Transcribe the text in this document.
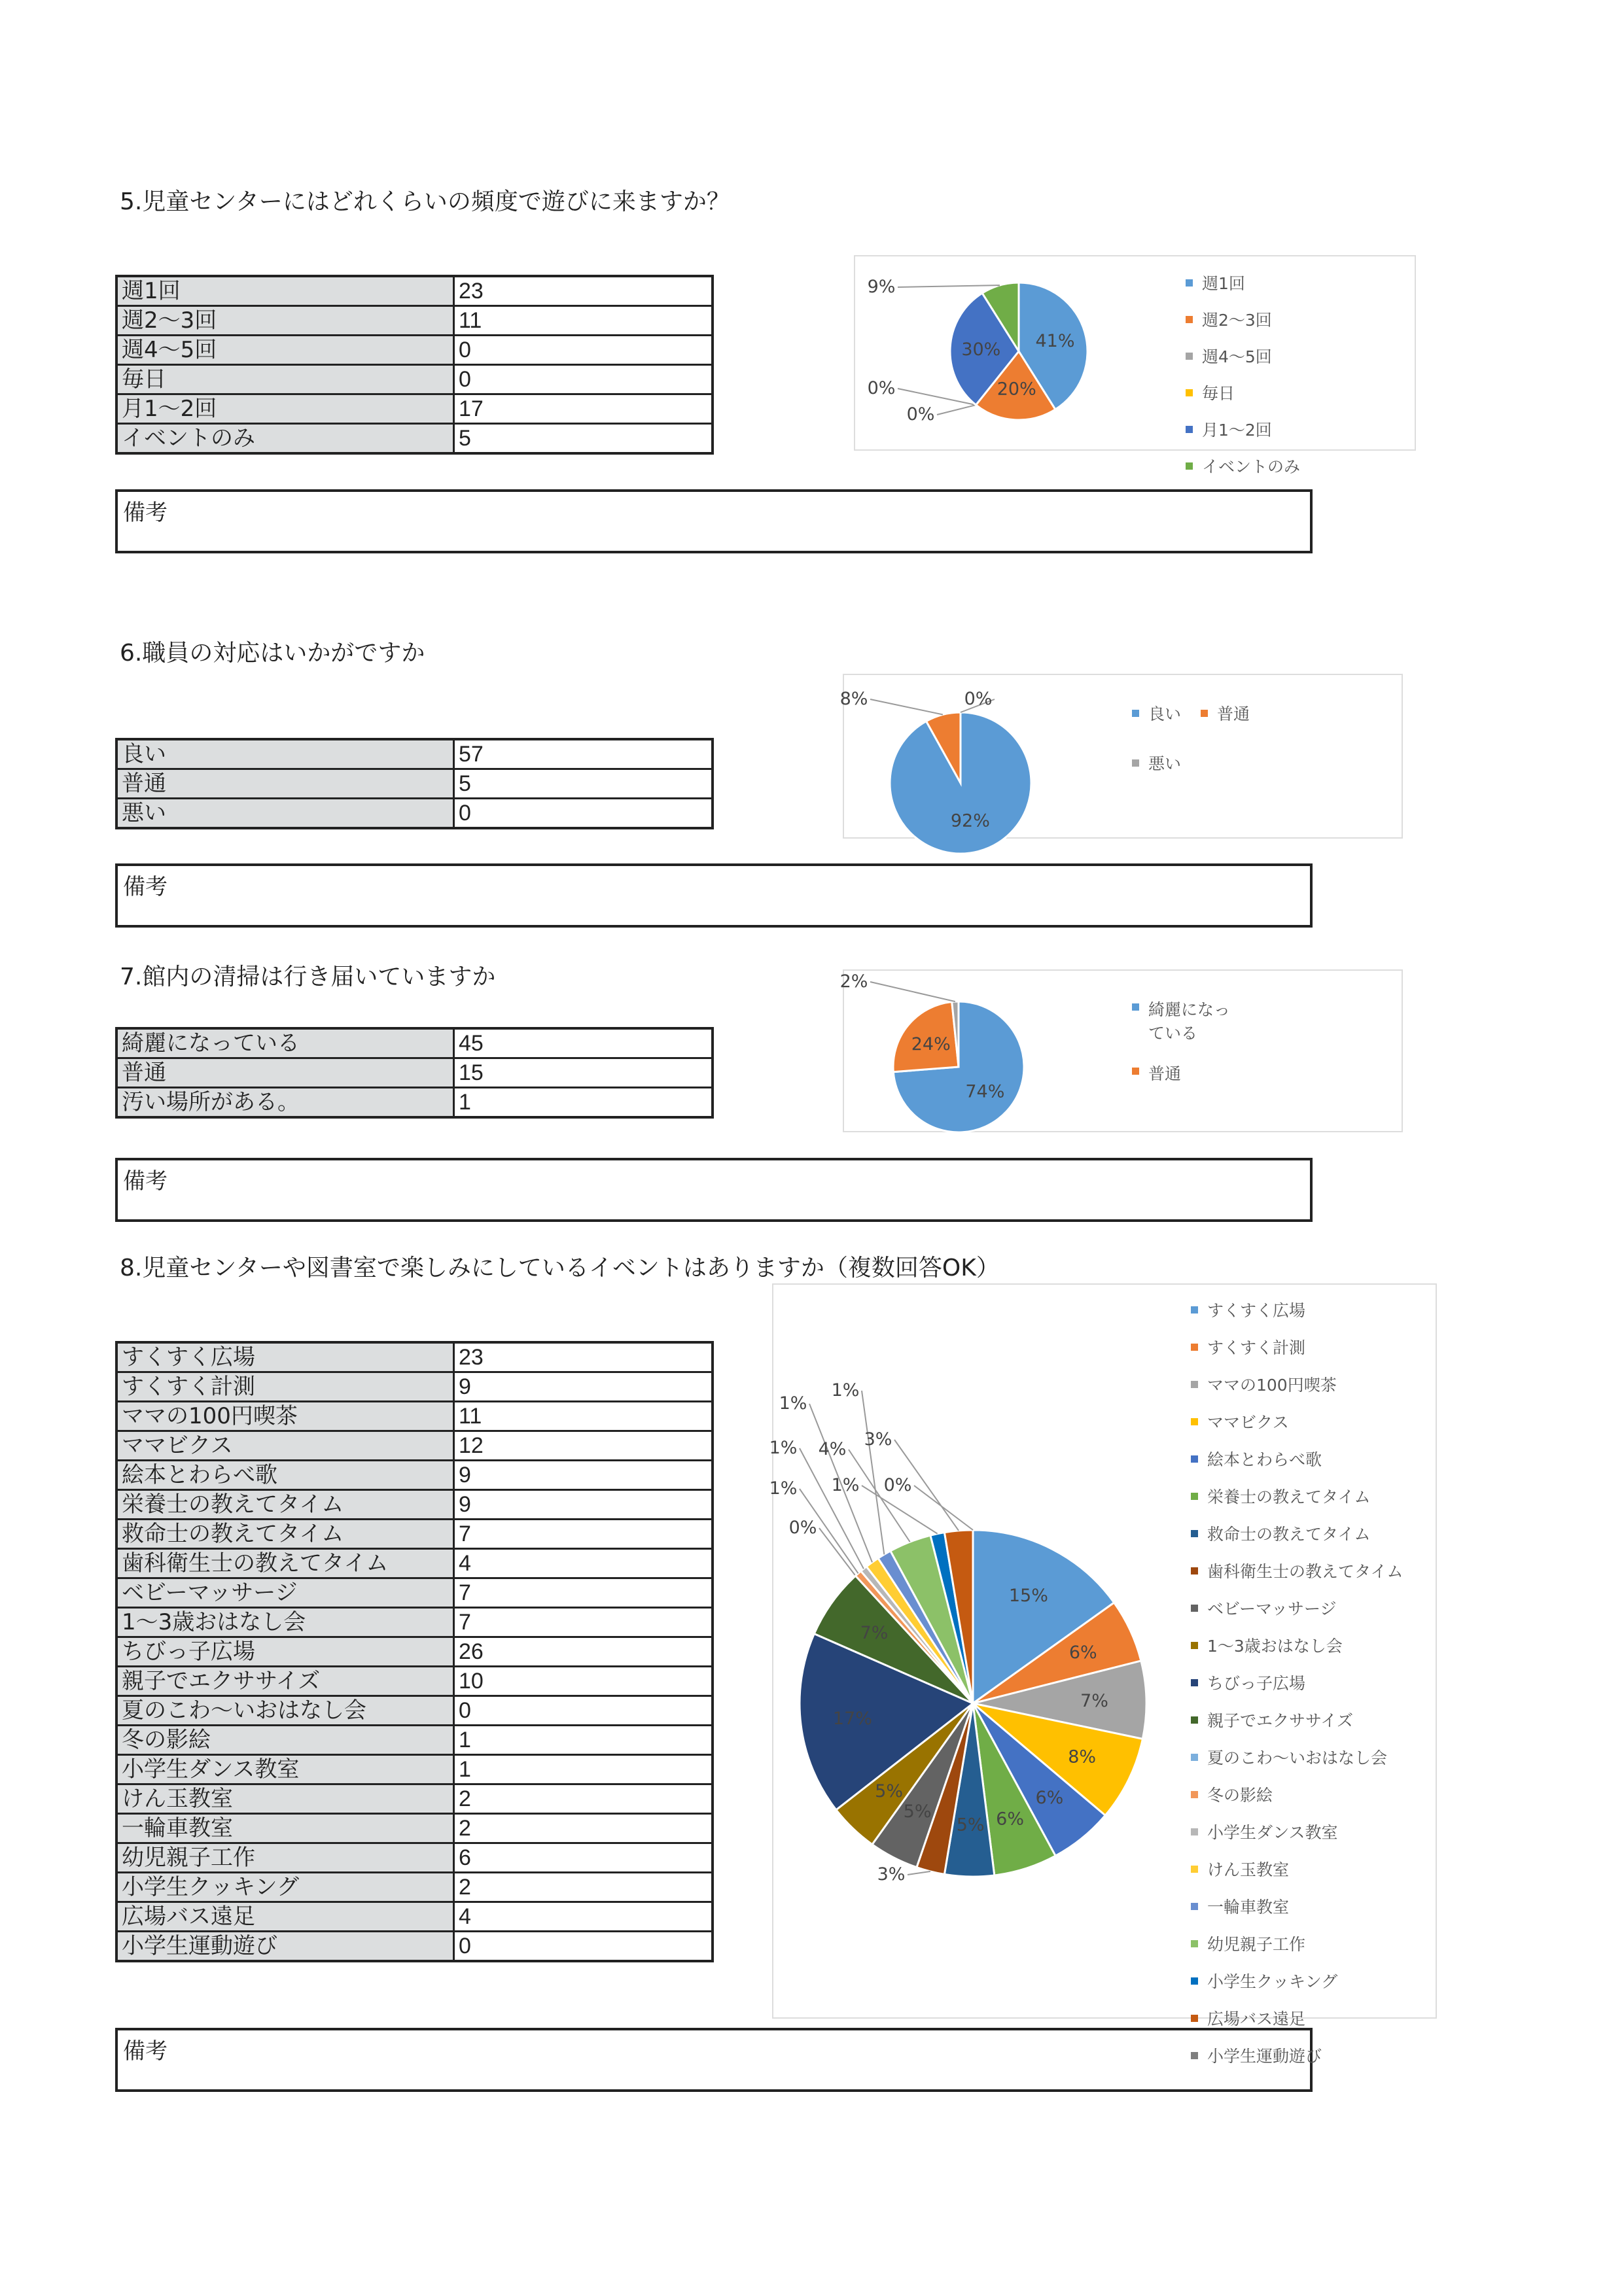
5.児童センターにはどれくらいの頻度で遊びに来ますか？
週1回	23
週2～3回	11
週4～5回	0
毎日	0
月1～2回	17
イベントのみ	5
備考
41%
20%
0%
0%
30%
9%	週1回
週2～3回
週4～5回
毎日
月1～2回
イベントのみ
6.職員の対応はいかがですか
良い	57
普通	5
悪い	0
備考
92%
8%	0%
良い 普通
悪い
7.館内の清掃は行き届いていますか
綺麗になっている	45
普通	15
汚い場所がある。	1
備考
74%
24%
2%
綺麗になっている
普通
8.児童センターや図書室で楽しみにしているイベントはありますか（複数回答OK）
すくすく広場	23
すくすく計測	9
ママの100円喫茶	11
ママビクス	12
絵本とわらべ歌	9
栄養士の教えてタイム	9
救命士の教えてタイム	7
歯科衛生士の教えてタイム	4
ベビーマッサージ	7
1～3歳おはなし会	7
ちびっ子広場	26
親子でエクササイズ	10
夏のこわ～いおはなし会	0
冬の影絵	1
小学生ダンス教室	1
けん玉教室	2
一輪車教室	2
幼児親子工作	6
小学生クッキング	2
広場バス遠足	4
小学生運動遊び	0
備考
15%
6%
7%
8%
6%
6%
5%
3%
5%
5%
17%
7%
0%
1%
1%
1%
1%
4%
1%
3%
0%
すくすく広場
すくすく計測
ママの100円喫茶
ママビクス
絵本とわらべ歌
栄養士の教えてタイム
救命士の教えてタイム
歯科衛生士の教えてタイム
ベビーマッサージ
1～3歳おはなし会
ちびっ子広場
親子でエクササイズ
夏のこわ～いおはなし会
冬の影絵
小学生ダンス教室
けん玉教室
一輪車教室
幼児親子工作
小学生クッキング
広場バス遠足
小学生運動遊び
